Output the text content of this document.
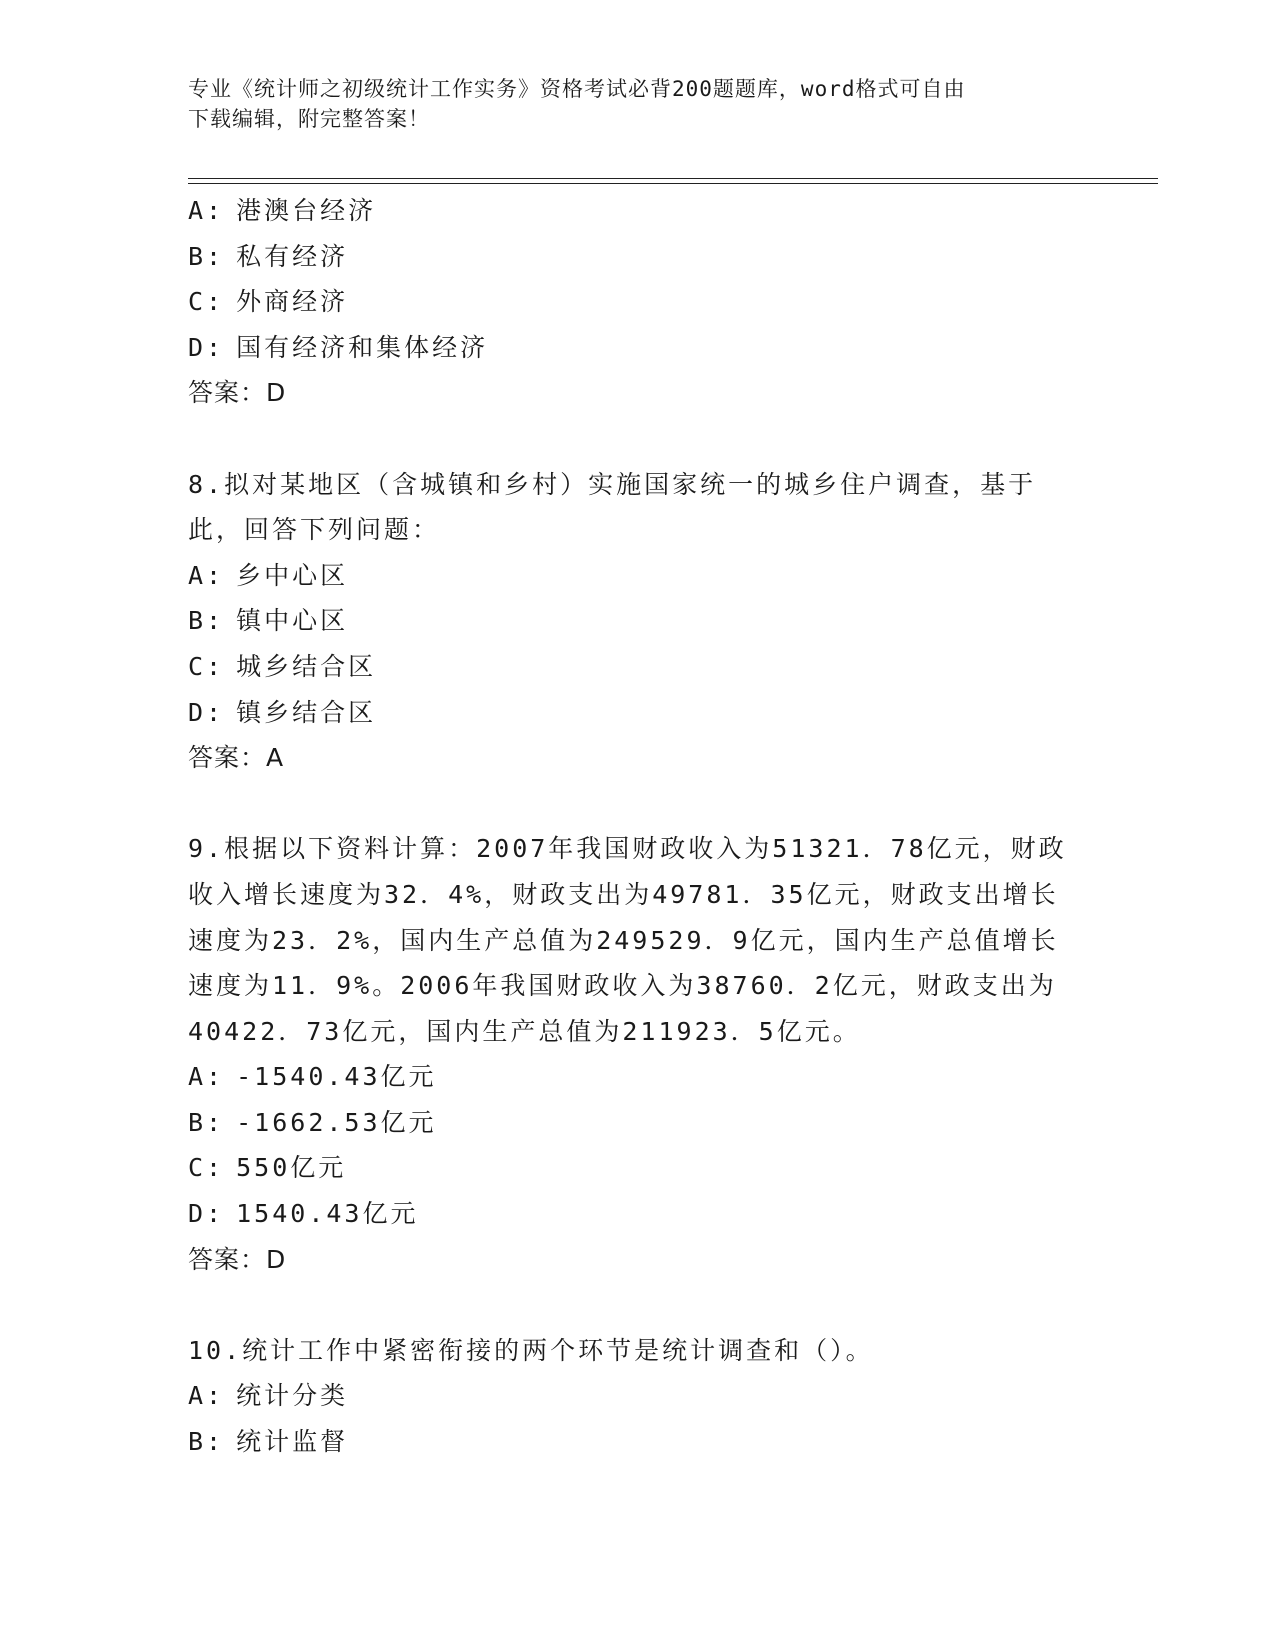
专业《统计师之初级统计工作实务》资格考试必背200题题库，word格式可自由
下载编辑，附完整答案！
A: 港澳台经济
B: 私有经济
C: 外商经济
D: 国有经济和集体经济
答案：D
8.拟对某地区（含城镇和乡村）实施国家统一的城乡住户调查，基于
此，回答下列问题：
A: 乡中心区
B: 镇中心区
C: 城乡结合区
D: 镇乡结合区
答案：A
9.根据以下资料计算：2007年我国财政收入为51321．78亿元，财政
收入增长速度为32．4%，财政支出为49781．35亿元，财政支出增长
速度为23．2%，国内生产总值为249529．9亿元，国内生产总值增长
速度为11．9%。2006年我国财政收入为38760．2亿元，财政支出为
40422．73亿元，国内生产总值为211923．5亿元。
A: -1540.43亿元
B: -1662.53亿元
C: 550亿元
D: 1540.43亿元
答案：D
10.统计工作中紧密衔接的两个环节是统计调查和（）。
A: 统计分类
B: 统计监督
